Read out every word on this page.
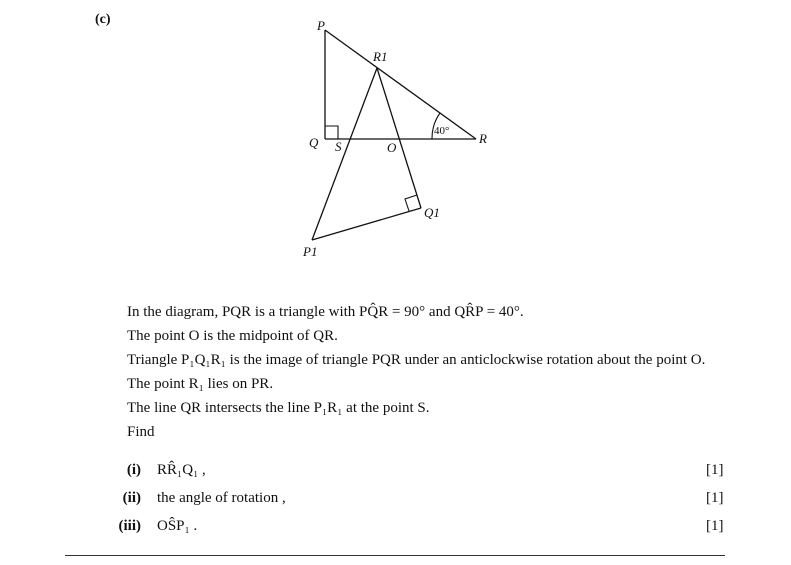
(c)
40°
P
Q	R
S	O
R1
Q1
P1
In the diagram, PQR is a triangle with PQ̂R = 90° and QR̂P = 40°.
The point O is the midpoint of QR.
Triangle P₁Q₁R₁ is the image of triangle PQR under an anticlockwise rotation about the point O.
The point R₁ lies on PR.
The line QR intersects the line P₁R₁ at the point S.
Find
(i) RR̂₁Q₁ ,	[1]
(ii) the angle of rotation ,	[1]
(iii) OŜP₁ .	[1]
